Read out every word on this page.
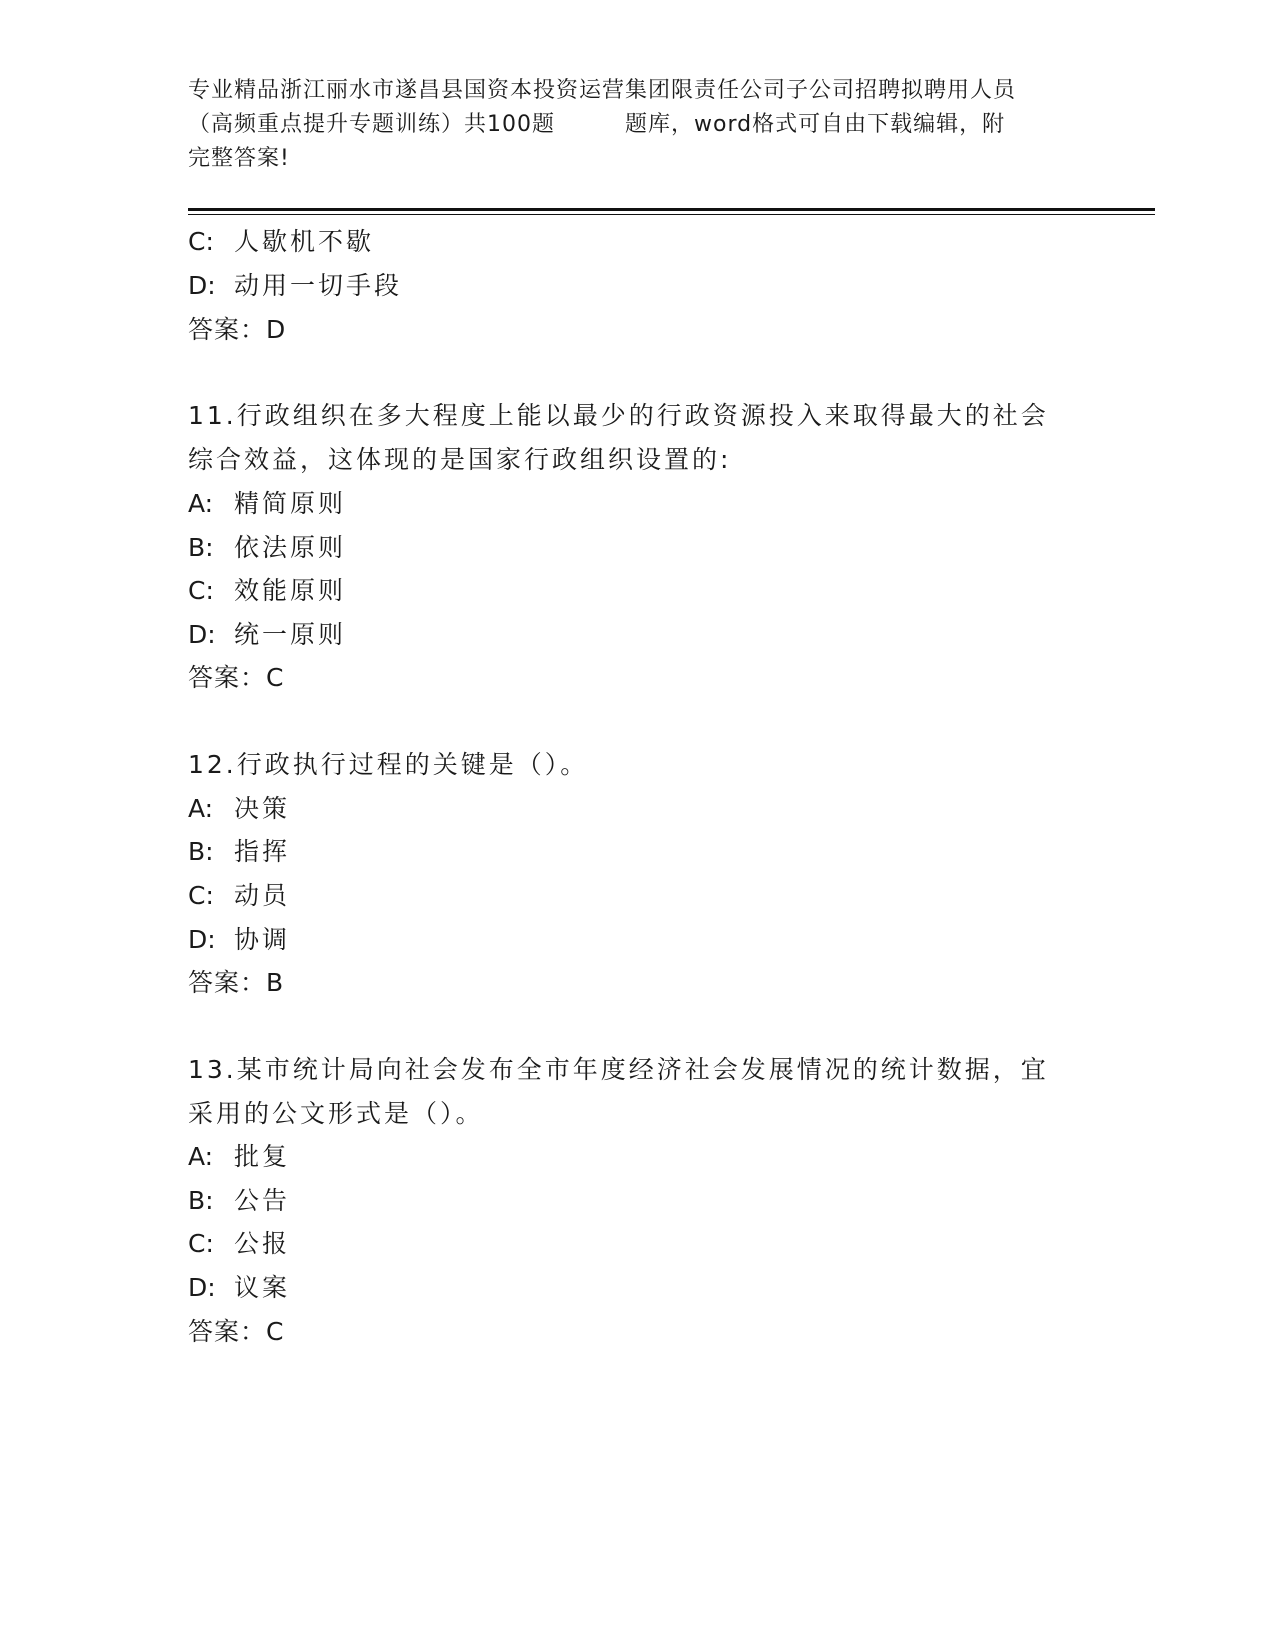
专业精品浙江丽水市遂昌县国资本投资运营集团限责任公司子公司招聘拟聘用人员
（高频重点提升专题训练）共100题	题库，word格式可自由下载编辑，附
完整答案!
C: 人歇机不歇
D: 动用一切手段
答案：D
11.行政组织在多大程度上能以最少的行政资源投入来取得最大的社会
综合效益，这体现的是国家行政组织设置的:
A: 精简原则
B: 依法原则
C: 效能原则
D: 统一原则
答案：C
12.行政执行过程的关键是（）。
A: 决策
B: 指挥
C: 动员
D: 协调
答案：B
13.某市统计局向社会发布全市年度经济社会发展情况的统计数据，宜
采用的公文形式是（）。
A: 批复
B: 公告
C: 公报
D: 议案
答案：C
